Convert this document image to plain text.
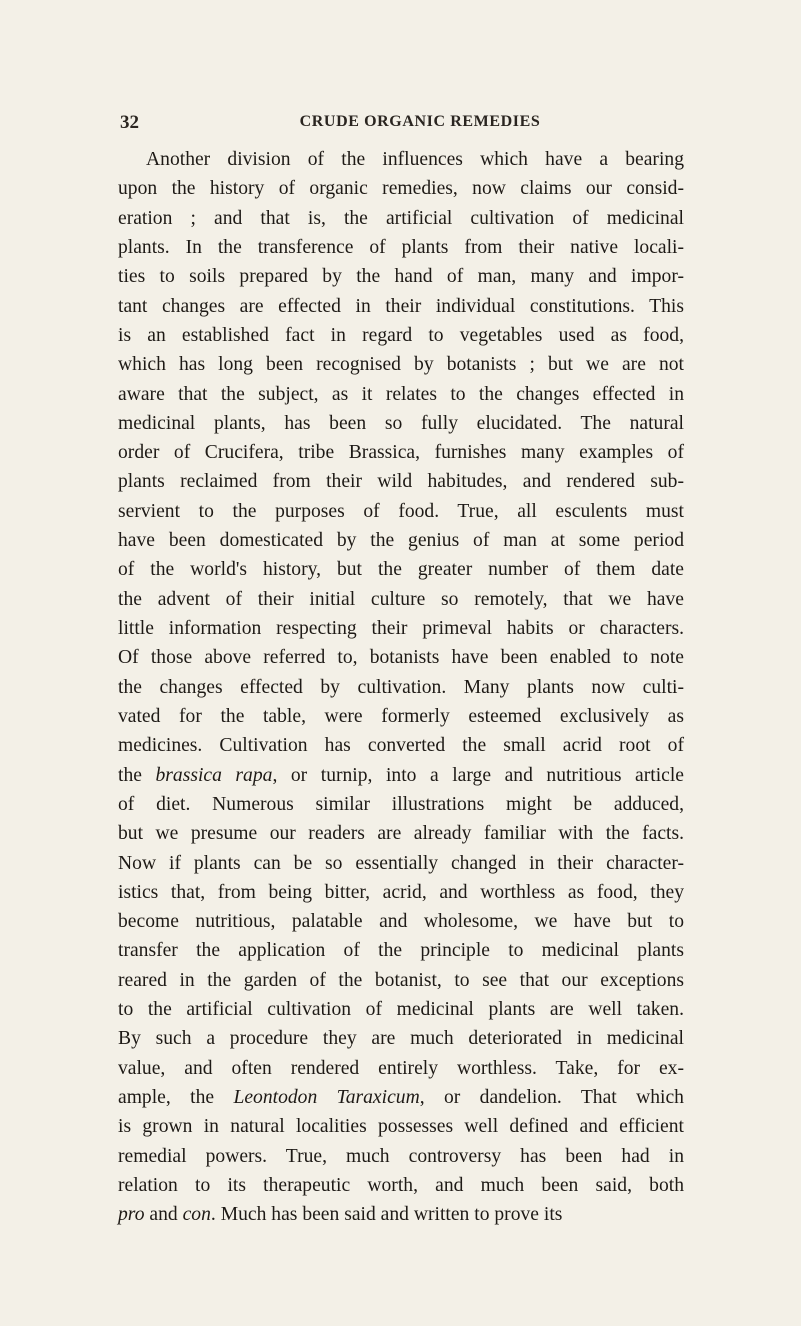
32	CRUDE ORGANIC REMEDIES
Another division of the influences which have a bearing
upon the history of organic remedies, now claims our consid-
eration ; and that is, the artificial cultivation of medicinal
plants. In the transference of plants from their native locali-
ties to soils prepared by the hand of man, many and impor-
tant changes are effected in their individual constitutions. This
is an established fact in regard to vegetables used as food,
which has long been recognised by botanists ; but we are not
aware that the subject, as it relates to the changes effected in
medicinal plants, has been so fully elucidated. The natural
order of Crucifera, tribe Brassica, furnishes many examples of
plants reclaimed from their wild habitudes, and rendered sub-
servient to the purposes of food. True, all esculents must
have been domesticated by the genius of man at some period
of the world's history, but the greater number of them date
the advent of their initial culture so remotely, that we have
little information respecting their primeval habits or characters.
Of those above referred to, botanists have been enabled to note
the changes effected by cultivation. Many plants now culti-
vated for the table, were formerly esteemed exclusively as
medicines. Cultivation has converted the small acrid root of
the brassica rapa, or turnip, into a large and nutritious article
of diet. Numerous similar illustrations might be adduced,
but we presume our readers are already familiar with the facts.
Now if plants can be so essentially changed in their character-
istics that, from being bitter, acrid, and worthless as food, they
become nutritious, palatable and wholesome, we have but to
transfer the application of the principle to medicinal plants
reared in the garden of the botanist, to see that our exceptions
to the artificial cultivation of medicinal plants are well taken.
By such a procedure they are much deteriorated in medicinal
value, and often rendered entirely worthless. Take, for ex-
ample, the Leontodon Taraxicum, or dandelion. That which
is grown in natural localities possesses well defined and efficient
remedial powers. True, much controversy has been had in
relation to its therapeutic worth, and much been said, both
pro and con. Much has been said and written to prove its
